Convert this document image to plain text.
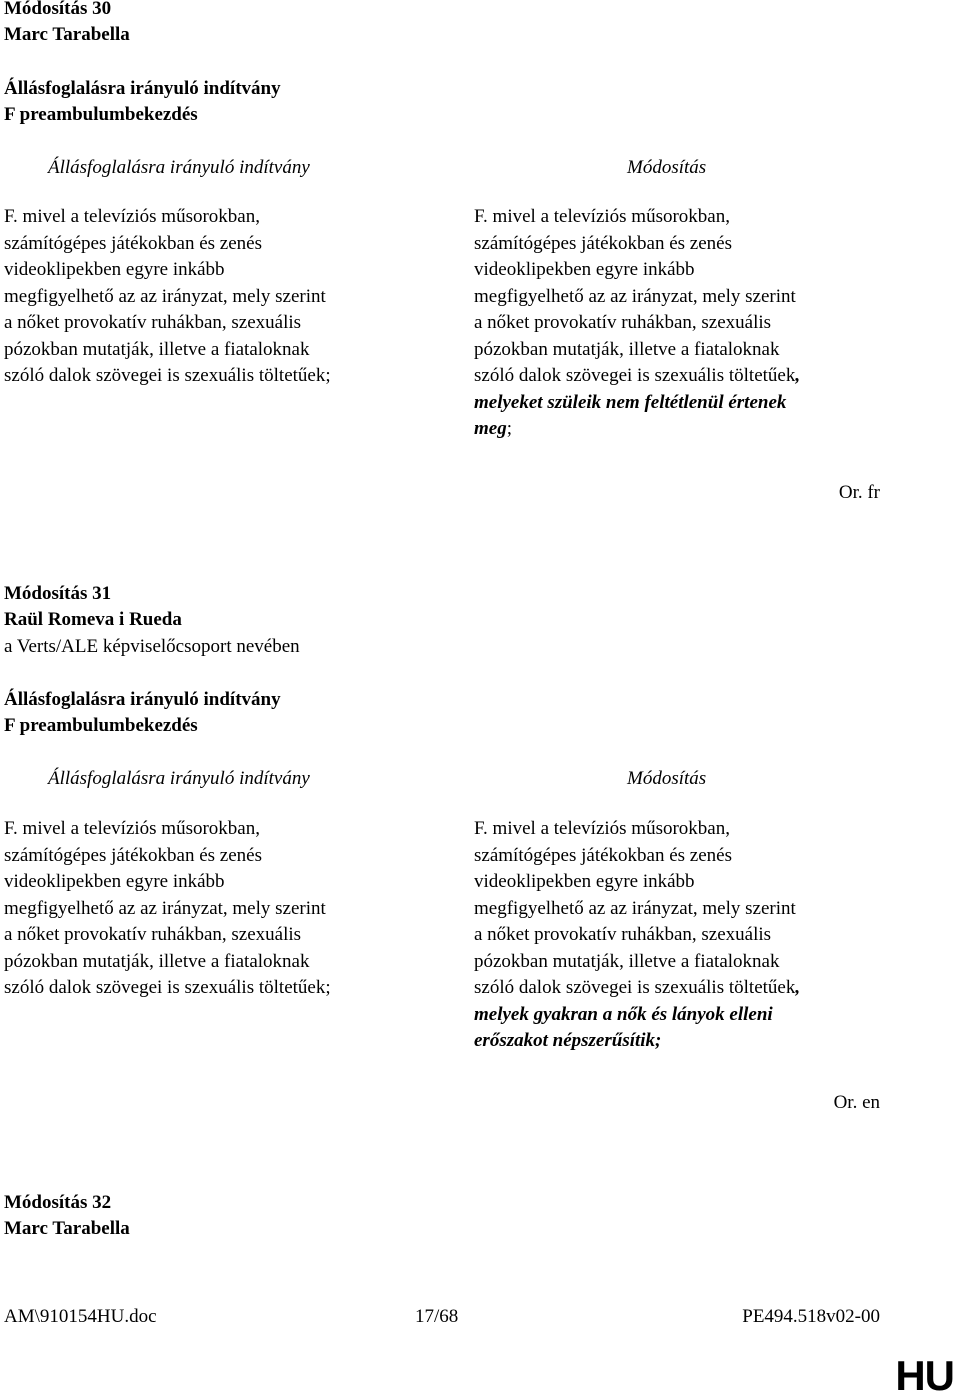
Módosítás 30
Marc Tarabella
Állásfoglalásra irányuló indítvány
F preambulumbekezdés
Állásfoglalásra irányuló indítvány	Módosítás
F. mivel a televíziós műsorokban,
számítógépes játékokban és zenés
videoklipekben egyre inkább
megfigyelhető az az irányzat, mely szerint
a nőket provokatív ruhákban, szexuális
pózokban mutatják, illetve a fiataloknak
szóló dalok szövegei is szexuális töltetűek;
F. mivel a televíziós műsorokban,
számítógépes játékokban és zenés
videoklipekben egyre inkább
megfigyelhető az az irányzat, mely szerint
a nőket provokatív ruhákban, szexuális
pózokban mutatják, illetve a fiataloknak
szóló dalok szövegei is szexuális töltetűek,
melyeket szüleik nem feltétlenül értenek
meg;
Or. fr
Módosítás 31
Raül Romeva i Rueda
a Verts/ALE képviselőcsoport nevében
Állásfoglalásra irányuló indítvány
F preambulumbekezdés
Állásfoglalásra irányuló indítvány	Módosítás
F. mivel a televíziós műsorokban,
számítógépes játékokban és zenés
videoklipekben egyre inkább
megfigyelhető az az irányzat, mely szerint
a nőket provokatív ruhákban, szexuális
pózokban mutatják, illetve a fiataloknak
szóló dalok szövegei is szexuális töltetűek;
F. mivel a televíziós műsorokban,
számítógépes játékokban és zenés
videoklipekben egyre inkább
megfigyelhető az az irányzat, mely szerint
a nőket provokatív ruhákban, szexuális
pózokban mutatják, illetve a fiataloknak
szóló dalok szövegei is szexuális töltetűek,
melyek gyakran a nők és lányok elleni
erőszakot népszerűsítik;
Or. en
Módosítás 32
Marc Tarabella
AM\910154HU.doc	17/68	PE494.518v02-00
HU
